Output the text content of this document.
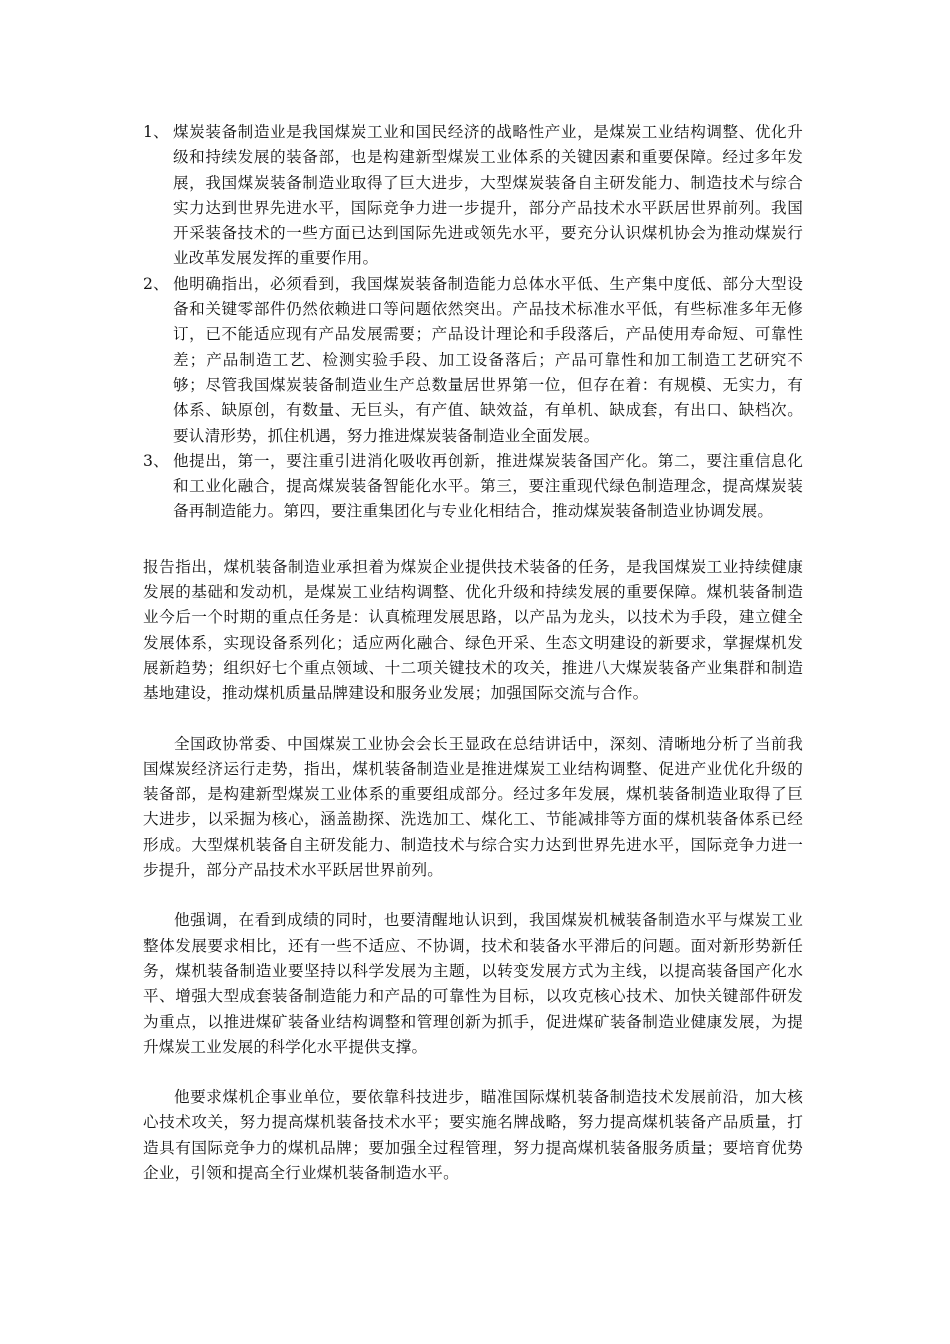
1、 煤炭装备制造业是我国煤炭工业和国民经济的战略性产业，是煤炭工业结构调整、优化升级和持续发展的装备部，也是构建新型煤炭工业体系的关键因素和重要保障。经过多年发展，我国煤炭装备制造业取得了巨大进步，大型煤炭装备自主研发能力、制造技术与综合实力达到世界先进水平，国际竞争力进一步提升，部分产品技术水平跃居世界前列。我国开采装备技术的一些方面已达到国际先进或领先水平，要充分认识煤机协会为推动煤炭行业改革发展发挥的重要作用。
2、 他明确指出，必须看到，我国煤炭装备制造能力总体水平低、生产集中度低、部分大型设备和关键零部件仍然依赖进口等问题依然突出。产品技术标准水平低，有些标准多年无修订，已不能适应现有产品发展需要；产品设计理论和手段落后，产品使用寿命短、可靠性差；产品制造工艺、检测实验手段、加工设备落后；产品可靠性和加工制造工艺研究不够；尽管我国煤炭装备制造业生产总数量居世界第一位，但存在着：有规模、无实力，有体系、缺原创，有数量、无巨头，有产值、缺效益，有单机、缺成套，有出口、缺档次。要认清形势，抓住机遇，努力推进煤炭装备制造业全面发展。
3、 他提出，第一，要注重引进消化吸收再创新，推进煤炭装备国产化。第二，要注重信息化和工业化融合，提高煤炭装备智能化水平。第三，要注重现代绿色制造理念，提高煤炭装备再制造能力。第四，要注重集团化与专业化相结合，推动煤炭装备制造业协调发展。

报告指出，煤机装备制造业承担着为煤炭企业提供技术装备的任务，是我国煤炭工业持续健康发展的基础和发动机，是煤炭工业结构调整、优化升级和持续发展的重要保障。煤机装备制造业今后一个时期的重点任务是：认真梳理发展思路，以产品为龙头，以技术为手段，建立健全发展体系，实现设备系列化；适应两化融合、绿色开采、生态文明建设的新要求，掌握煤机发展新趋势；组织好七个重点领域、十二项关键技术的攻关，推进八大煤炭装备产业集群和制造基地建设，推动煤机质量品牌建设和服务业发展；加强国际交流与合作。

全国政协常委、中国煤炭工业协会会长王显政在总结讲话中，深刻、清晰地分析了当前我国煤炭经济运行走势，指出，煤机装备制造业是推进煤炭工业结构调整、促进产业优化升级的装备部，是构建新型煤炭工业体系的重要组成部分。经过多年发展，煤机装备制造业取得了巨大进步，以采掘为核心，涵盖勘探、洗选加工、煤化工、节能减排等方面的煤机装备体系已经形成。大型煤机装备自主研发能力、制造技术与综合实力达到世界先进水平，国际竞争力进一步提升，部分产品技术水平跃居世界前列。

他强调，在看到成绩的同时，也要清醒地认识到，我国煤炭机械装备制造水平与煤炭工业整体发展要求相比，还有一些不适应、不协调，技术和装备水平滞后的问题。面对新形势新任务，煤机装备制造业要坚持以科学发展为主题，以转变发展方式为主线，以提高装备国产化水平、增强大型成套装备制造能力和产品的可靠性为目标，以攻克核心技术、加快关键部件研发为重点，以推进煤矿装备业结构调整和管理创新为抓手，促进煤矿装备制造业健康发展，为提升煤炭工业发展的科学化水平提供支撑。

他要求煤机企事业单位，要依靠科技进步，瞄准国际煤机装备制造技术发展前沿，加大核心技术攻关，努力提高煤机装备技术水平；要实施名牌战略，努力提高煤机装备产品质量，打造具有国际竞争力的煤机品牌；要加强全过程管理，努力提高煤机装备服务质量；要培育优势企业，引领和提高全行业煤机装备制造水平。
